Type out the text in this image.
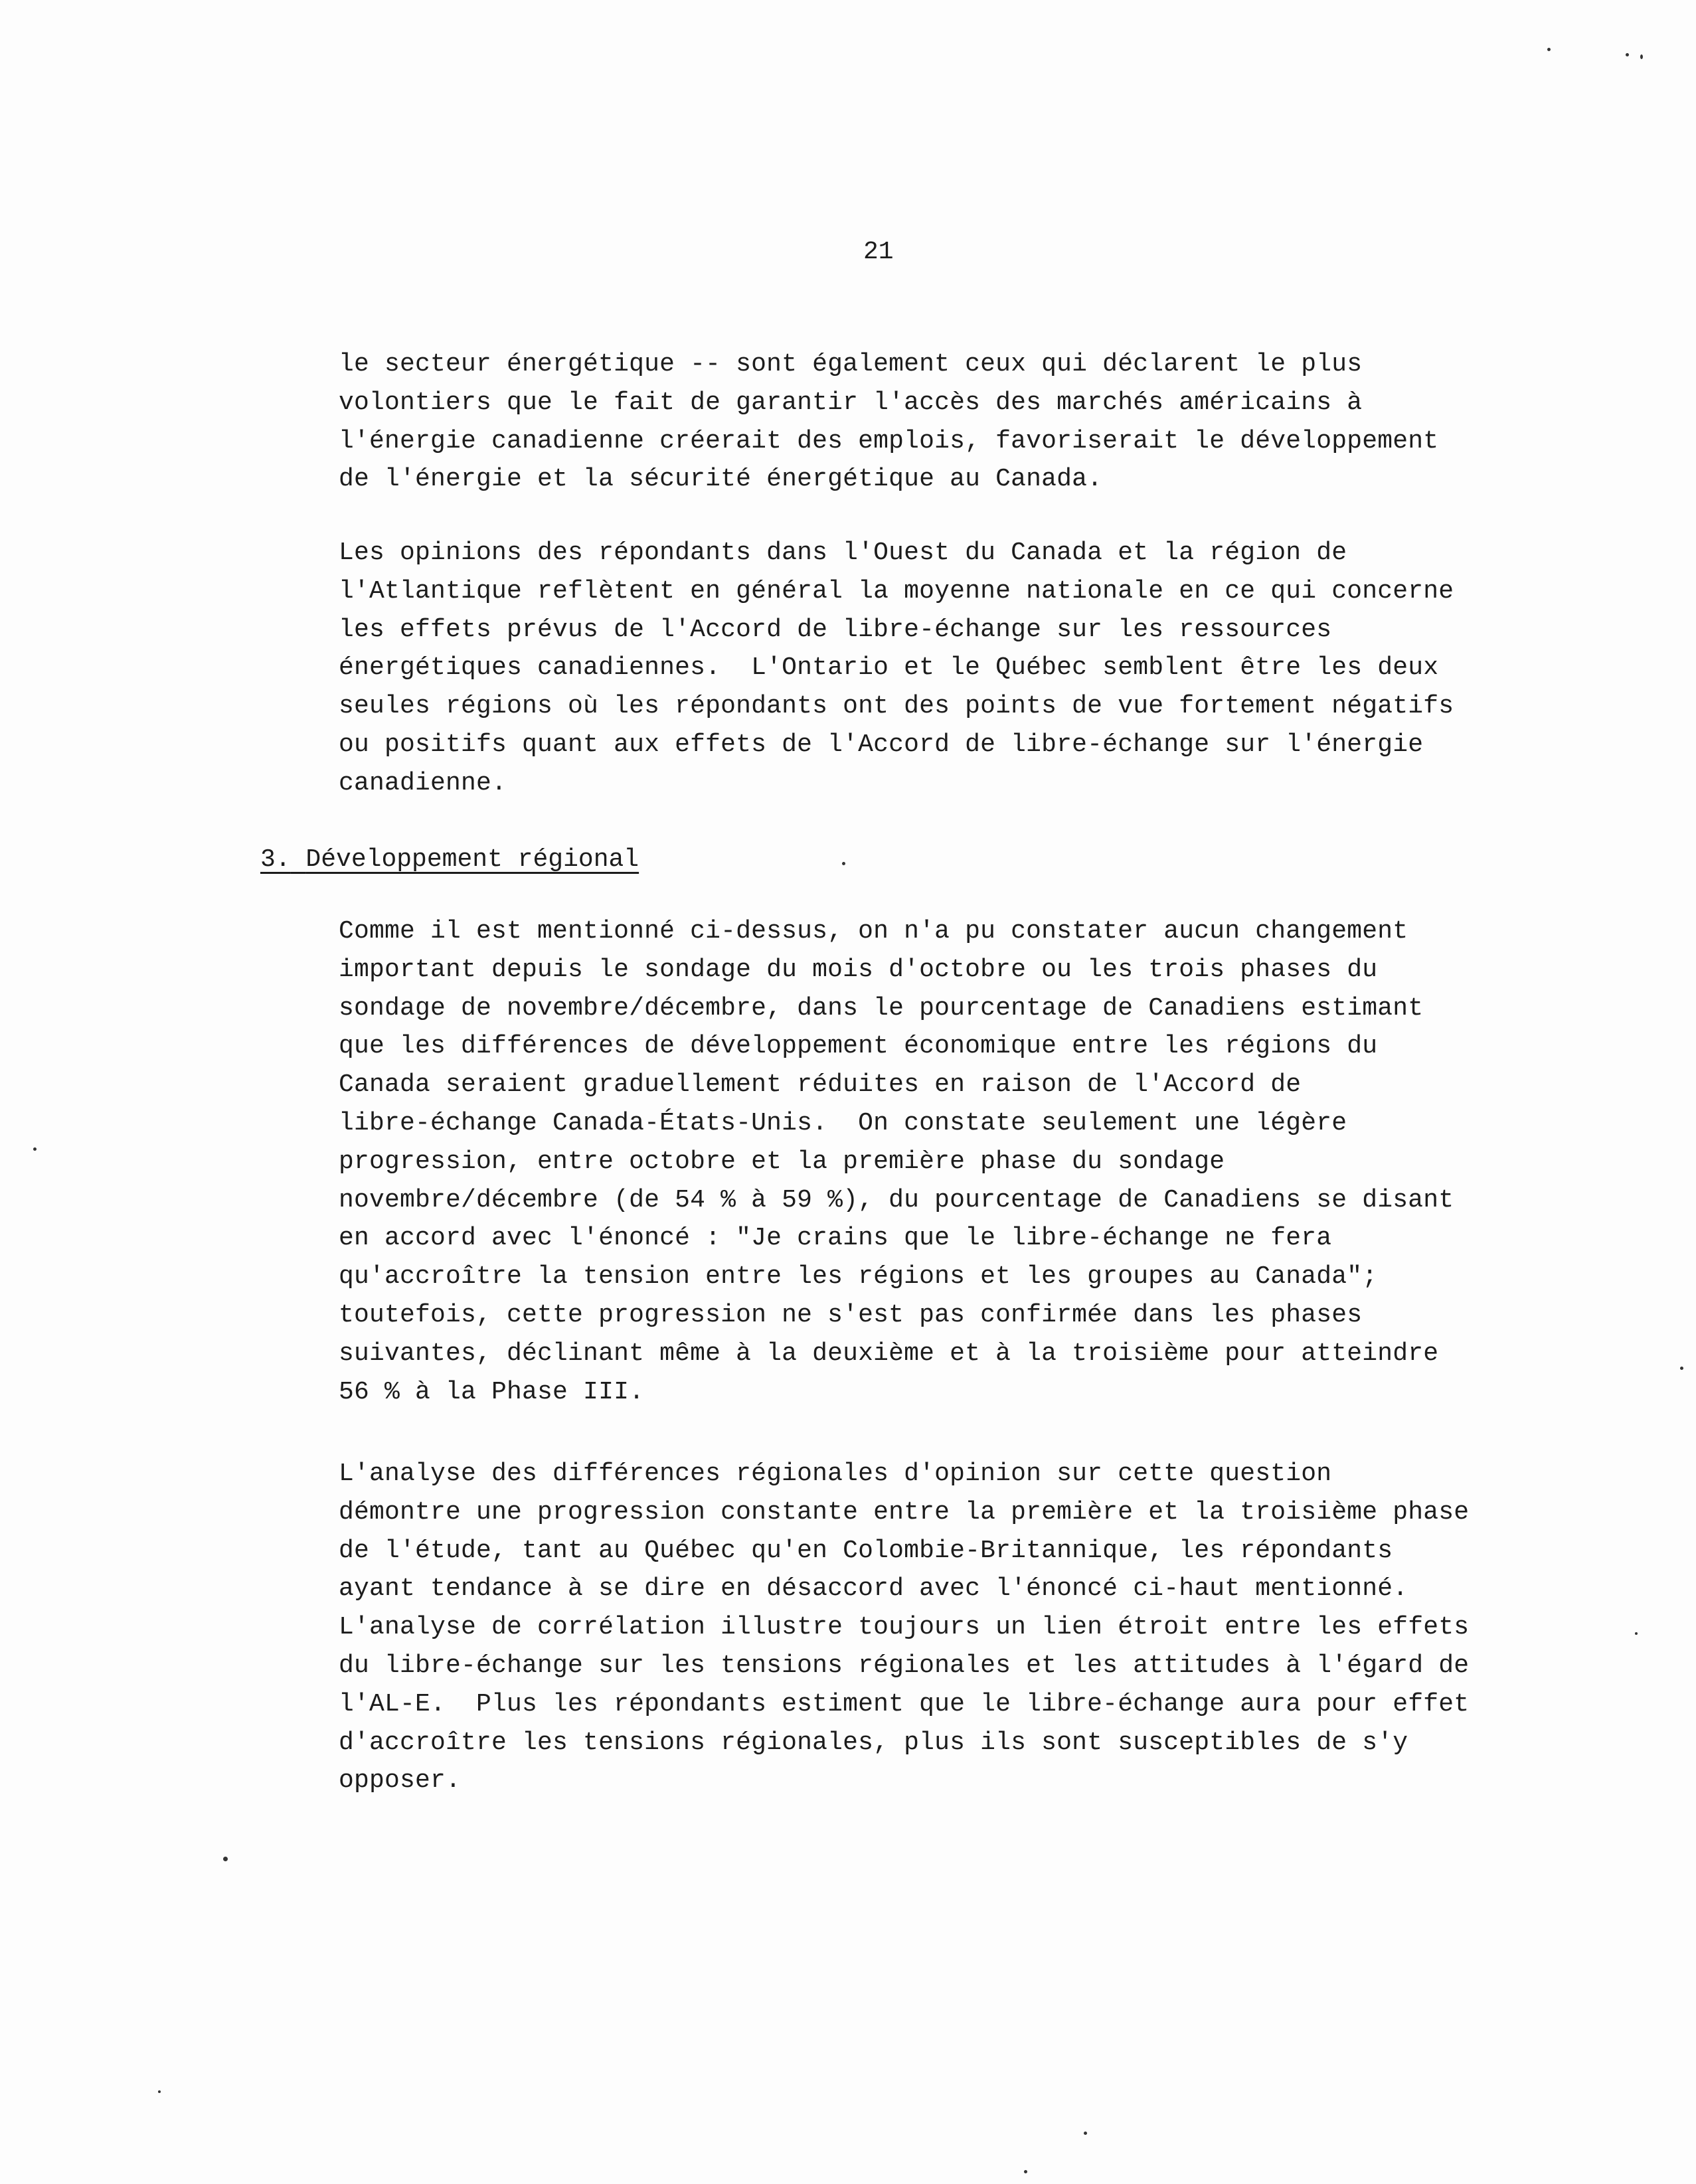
21
le secteur énergétique -- sont également ceux qui déclarent le plus
volontiers que le fait de garantir l'accès des marchés américains à
l'énergie canadienne créerait des emplois, favoriserait le développement
de l'énergie et la sécurité énergétique au Canada.
Les opinions des répondants dans l'Ouest du Canada et la région de
l'Atlantique reflètent en général la moyenne nationale en ce qui concerne
les effets prévus de l'Accord de libre-échange sur les ressources
énergétiques canadiennes.  L'Ontario et le Québec semblent être les deux
seules régions où les répondants ont des points de vue fortement négatifs
ou positifs quant aux effets de l'Accord de libre-échange sur l'énergie
canadienne.
3. Développement régional
Comme il est mentionné ci-dessus, on n'a pu constater aucun changement
important depuis le sondage du mois d'octobre ou les trois phases du
sondage de novembre/décembre, dans le pourcentage de Canadiens estimant
que les différences de développement économique entre les régions du
Canada seraient graduellement réduites en raison de l'Accord de
libre-échange Canada-États-Unis.  On constate seulement une légère
progression, entre octobre et la première phase du sondage
novembre/décembre (de 54 % à 59 %), du pourcentage de Canadiens se disant
en accord avec l'énoncé : "Je crains que le libre-échange ne fera
qu'accroître la tension entre les régions et les groupes au Canada";
toutefois, cette progression ne s'est pas confirmée dans les phases
suivantes, déclinant même à la deuxième et à la troisième pour atteindre
56 % à la Phase III.
L'analyse des différences régionales d'opinion sur cette question
démontre une progression constante entre la première et la troisième phase
de l'étude, tant au Québec qu'en Colombie-Britannique, les répondants
ayant tendance à se dire en désaccord avec l'énoncé ci-haut mentionné.
L'analyse de corrélation illustre toujours un lien étroit entre les effets
du libre-échange sur les tensions régionales et les attitudes à l'égard de
l'AL-E.  Plus les répondants estiment que le libre-échange aura pour effet
d'accroître les tensions régionales, plus ils sont susceptibles de s'y
opposer.
